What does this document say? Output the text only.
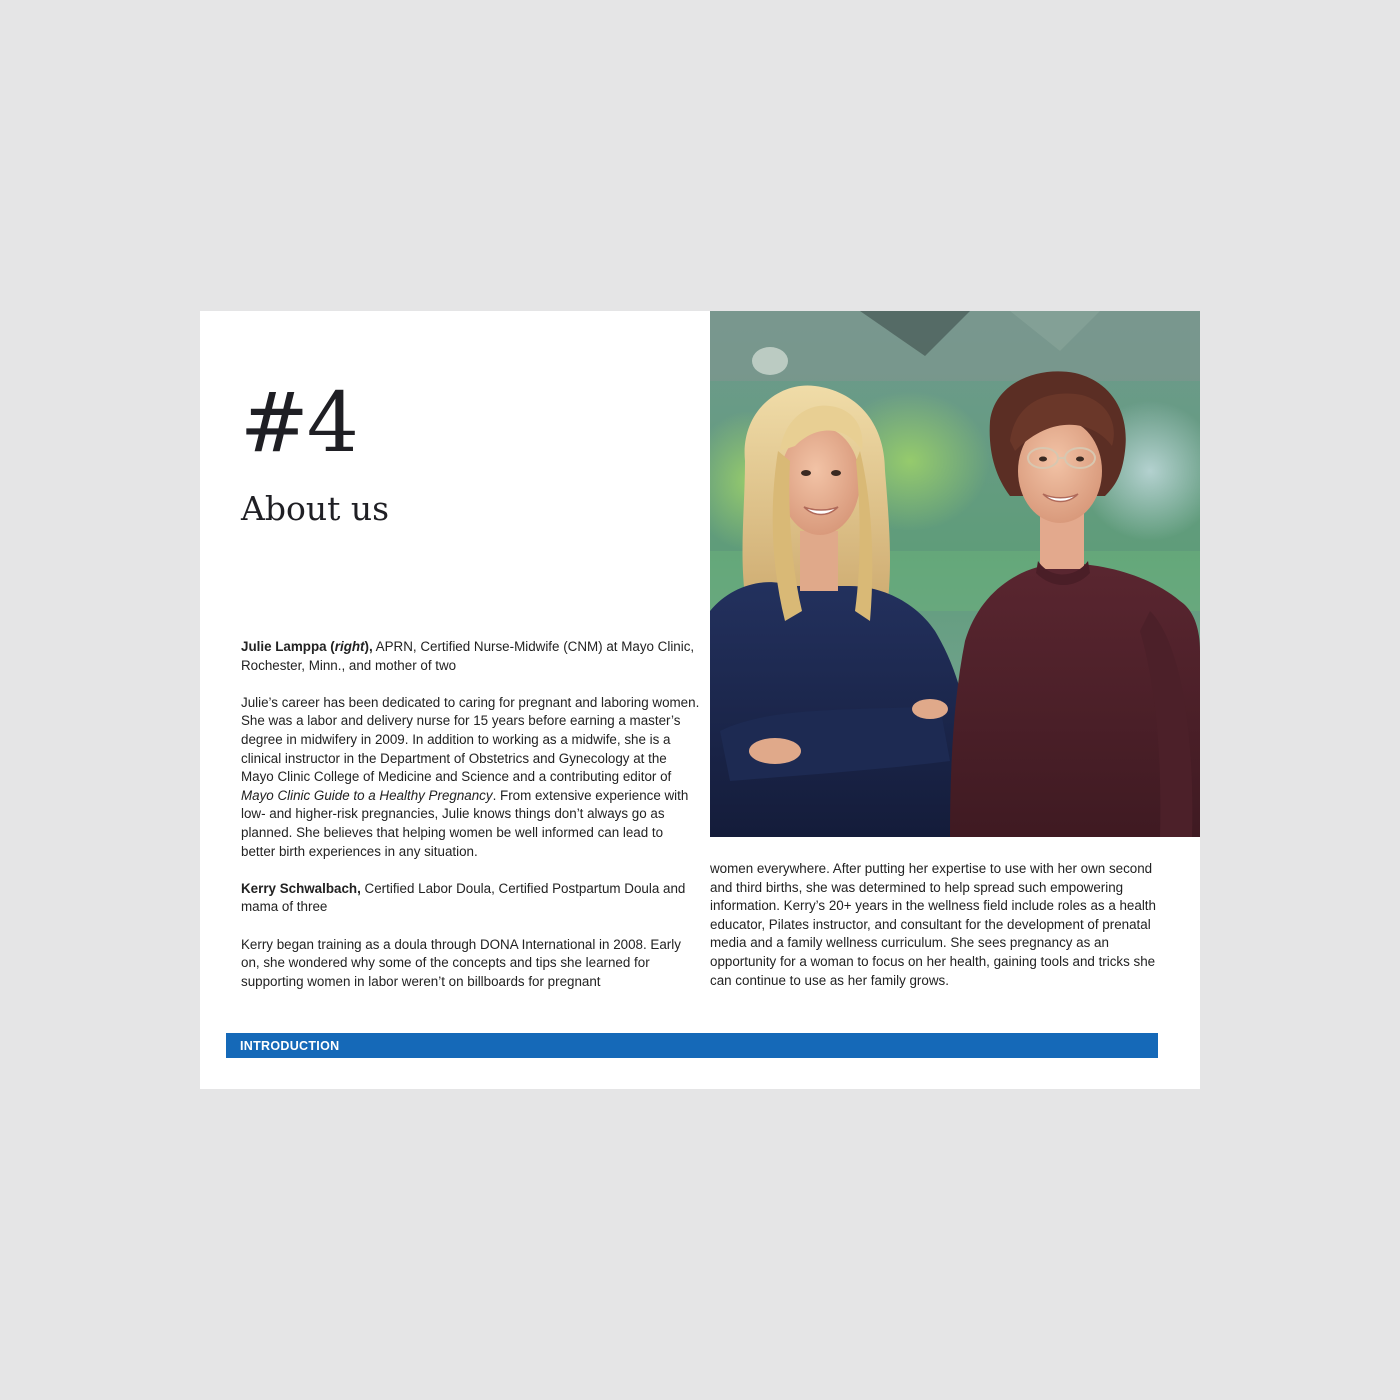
#4
About us

Julie Lamppa (right), APRN, Certified Nurse-Midwife (CNM) at Mayo Clinic, Rochester, Minn., and mother of two

Julie’s career has been dedicated to caring for pregnant and laboring women. She was a labor and delivery nurse for 15 years before earning a master’s degree in midwifery in 2009. In addition to working as a midwife, she is a clinical instructor in the Department of Obstetrics and Gynecology at the Mayo Clinic College of Medicine and Science and a contributing editor of Mayo Clinic Guide to a Healthy Pregnancy. From extensive experience with low- and higher-risk pregnancies, Julie knows things don’t always go as planned. She believes that helping women be well informed can lead to better birth experiences in any situation.

Kerry Schwalbach, Certified Labor Doula, Certified Postpartum Doula and mama of three

Kerry began training as a doula through DONA International in 2008. Early on, she wondered why some of the concepts and tips she learned for supporting women in labor weren’t on billboards for pregnant

women everywhere. After putting her expertise to use with her own second and third births, she was determined to help spread such empowering information. Kerry’s 20+ years in the wellness field include roles as a health educator, Pilates instructor, and consultant for the development of prenatal media and a family wellness curriculum. She sees pregnancy as an opportunity for a woman to focus on her health, gaining tools and tricks she can continue to use as her family grows.

INTRODUCTION
